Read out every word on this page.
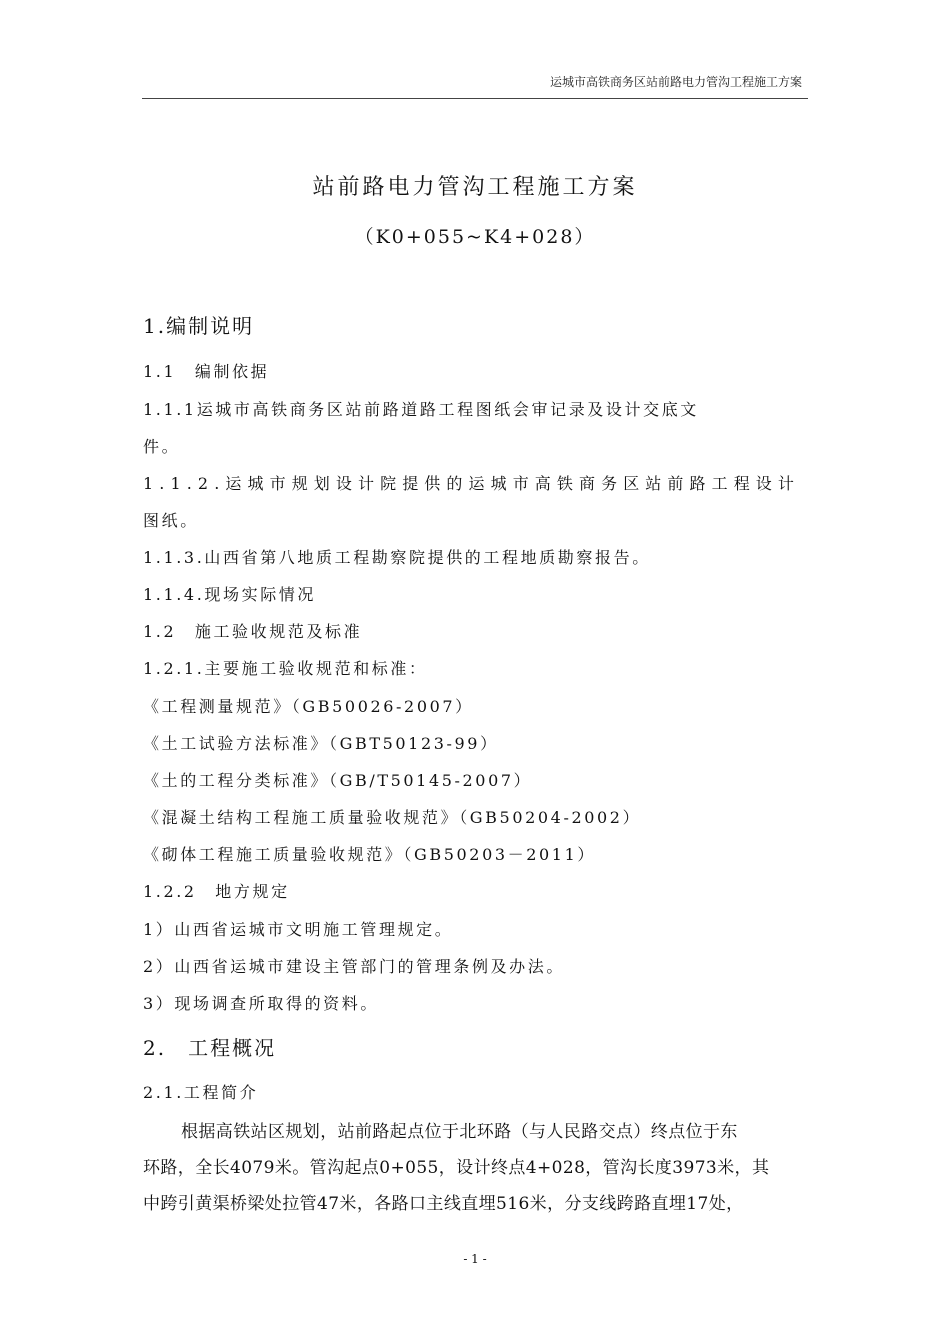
运城市高铁商务区站前路电力管沟工程施工方案
站前路电力管沟工程施工方案
（K0+055~K4+028）
1.编制说明
1.1　编制依据
1.1.1运城市高铁商务区站前路道路工程图纸会审记录及设计交底文
件。
1.1.2.运城市规划设计院提供的运城市高铁商务区站前路工程设计
图纸。
1.1.3.山西省第八地质工程勘察院提供的工程地质勘察报告。
1.1.4.现场实际情况
1.2　施工验收规范及标准
1.2.1.主要施工验收规范和标准：
《工程测量规范》（GB50026-2007）
《土工试验方法标准》（GBT50123-99）
《土的工程分类标准》（GB/T50145-2007）
《混凝土结构工程施工质量验收规范》（GB50204-2002）
《砌体工程施工质量验收规范》（GB50203－2011）
1.2.2　地方规定
1）山西省运城市文明施工管理规定。
2）山西省运城市建设主管部门的管理条例及办法。
3）现场调查所取得的资料。
2.　工程概况
2.1.工程简介
根据高铁站区规划，站前路起点位于北环路（与人民路交点）终点位于东
环路，全长4079米。管沟起点0+055，设计终点4+028，管沟长度3973米，其
中跨引黄渠桥梁处拉管47米，各路口主线直埋516米，分支线跨路直埋17处，
- 1 -
